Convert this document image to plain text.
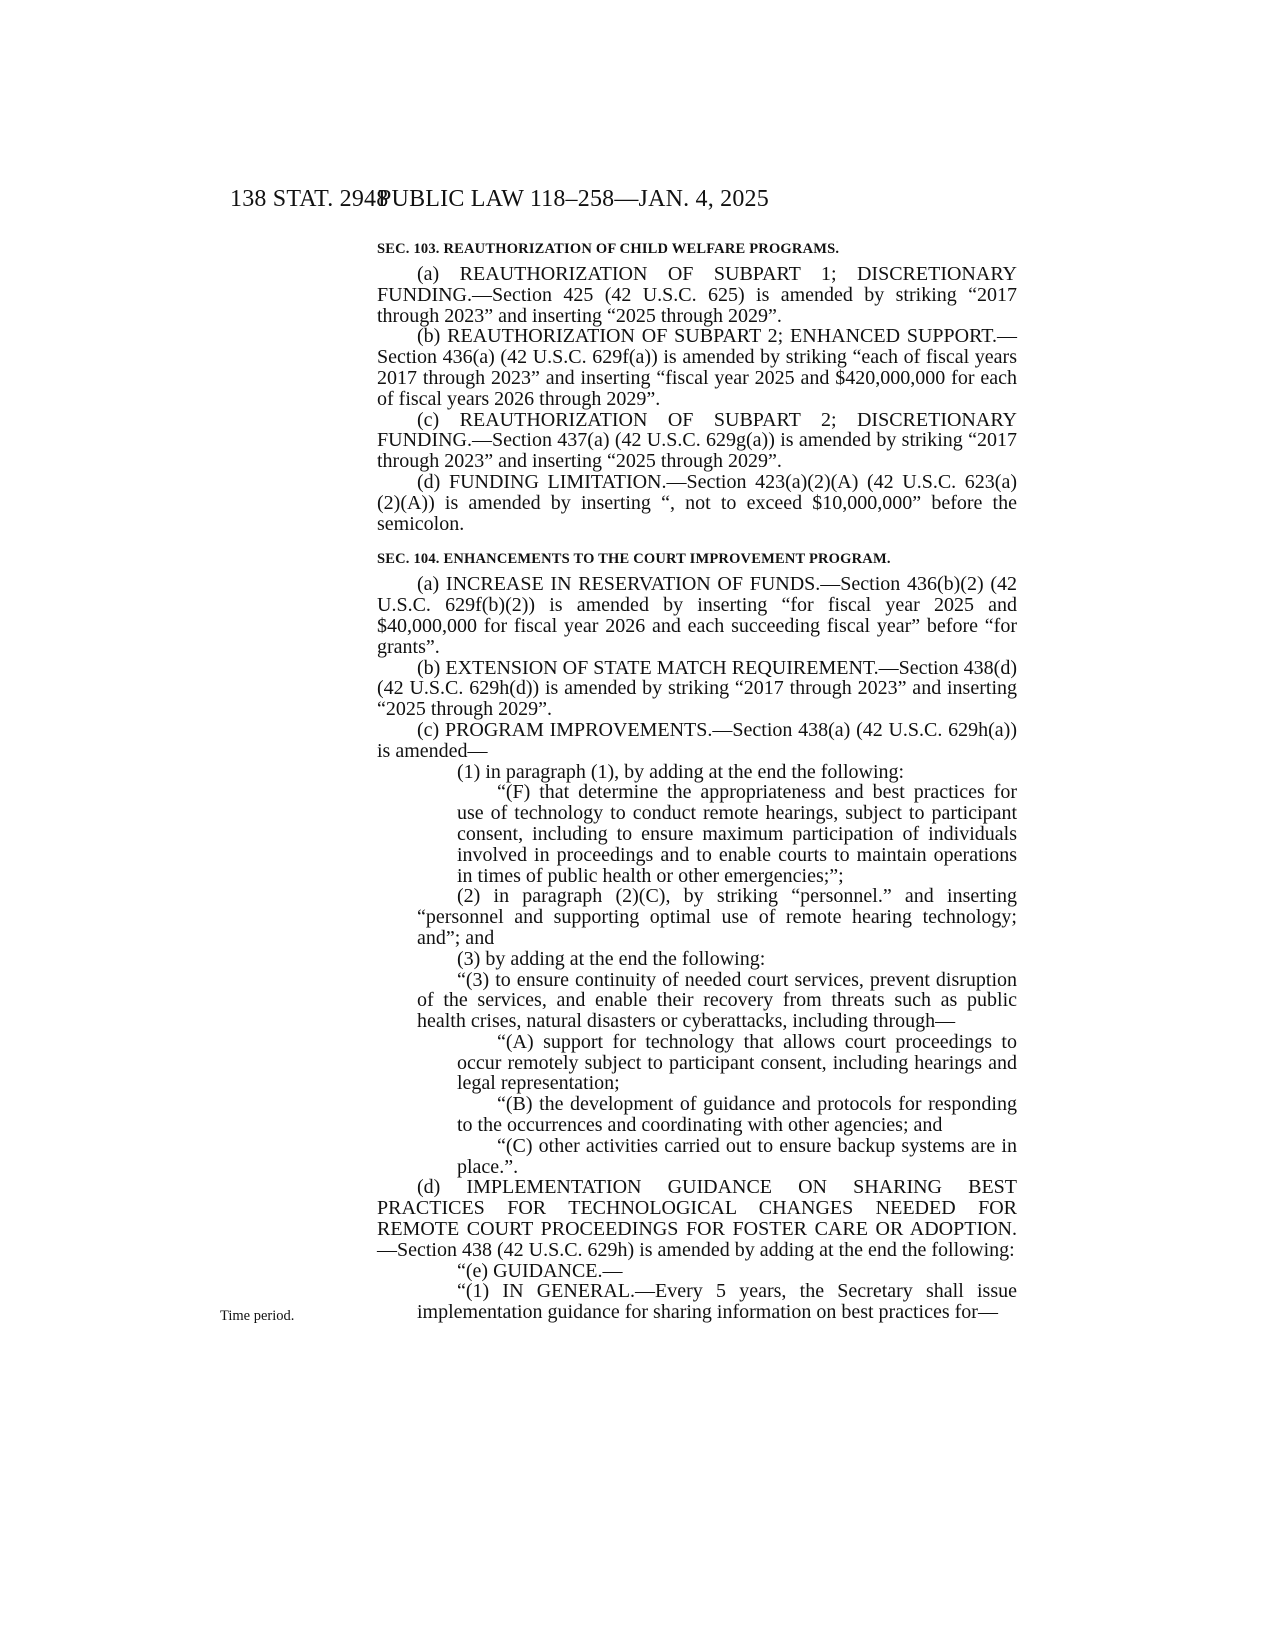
138 STAT. 2948
PUBLIC LAW 118–258—JAN. 4, 2025
Time period.
SEC. 103. REAUTHORIZATION OF CHILD WELFARE PROGRAMS.

(a) REAUTHORIZATION OF SUBPART 1; DISCRETIONARY FUNDING.—Section 425 (42 U.S.C. 625) is amended by striking “2017 through 2023” and inserting “2025 through 2029”.

(b) REAUTHORIZATION OF SUBPART 2; ENHANCED SUPPORT.—Section 436(a) (42 U.S.C. 629f(a)) is amended by striking “each of fiscal years 2017 through 2023” and inserting “fiscal year 2025 and $420,000,000 for each of fiscal years 2026 through 2029”.

(c) REAUTHORIZATION OF SUBPART 2; DISCRETIONARY FUNDING.—Section 437(a) (42 U.S.C. 629g(a)) is amended by striking “2017 through 2023” and inserting “2025 through 2029”.

(d) FUNDING LIMITATION.—Section 423(a)(2)(A) (42 U.S.C. 623(a)(2)(A)) is amended by inserting “, not to exceed $10,000,000” before the semicolon.

SEC. 104. ENHANCEMENTS TO THE COURT IMPROVEMENT PROGRAM.

(a) INCREASE IN RESERVATION OF FUNDS.—Section 436(b)(2) (42 U.S.C. 629f(b)(2)) is amended by inserting “for fiscal year 2025 and $40,000,000 for fiscal year 2026 and each succeeding fiscal year” before “for grants”.

(b) EXTENSION OF STATE MATCH REQUIREMENT.—Section 438(d) (42 U.S.C. 629h(d)) is amended by striking “2017 through 2023” and inserting “2025 through 2029”.

(c) PROGRAM IMPROVEMENTS.—Section 438(a) (42 U.S.C. 629h(a)) is amended—

(1) in paragraph (1), by adding at the end the following:

“(F) that determine the appropriateness and best practices for use of technology to conduct remote hearings, subject to participant consent, including to ensure maximum participation of individuals involved in proceedings and to enable courts to maintain operations in times of public health or other emergencies;”;

(2) in paragraph (2)(C), by striking “personnel.” and inserting “personnel and supporting optimal use of remote hearing technology; and”; and

(3) by adding at the end the following:

“(3) to ensure continuity of needed court services, prevent disruption of the services, and enable their recovery from threats such as public health crises, natural disasters or cyberattacks, including through—

“(A) support for technology that allows court proceedings to occur remotely subject to participant consent, including hearings and legal representation;

“(B) the development of guidance and protocols for responding to the occurrences and coordinating with other agencies; and

“(C) other activities carried out to ensure backup systems are in place.”.

(d) IMPLEMENTATION GUIDANCE ON SHARING BEST PRACTICES FOR TECHNOLOGICAL CHANGES NEEDED FOR REMOTE COURT PROCEEDINGS FOR FOSTER CARE OR ADOPTION.—Section 438 (42 U.S.C. 629h) is amended by adding at the end the following:

“(e) GUIDANCE.—

“(1) IN GENERAL.—Every 5 years, the Secretary shall issue implementation guidance for sharing information on best practices for—
